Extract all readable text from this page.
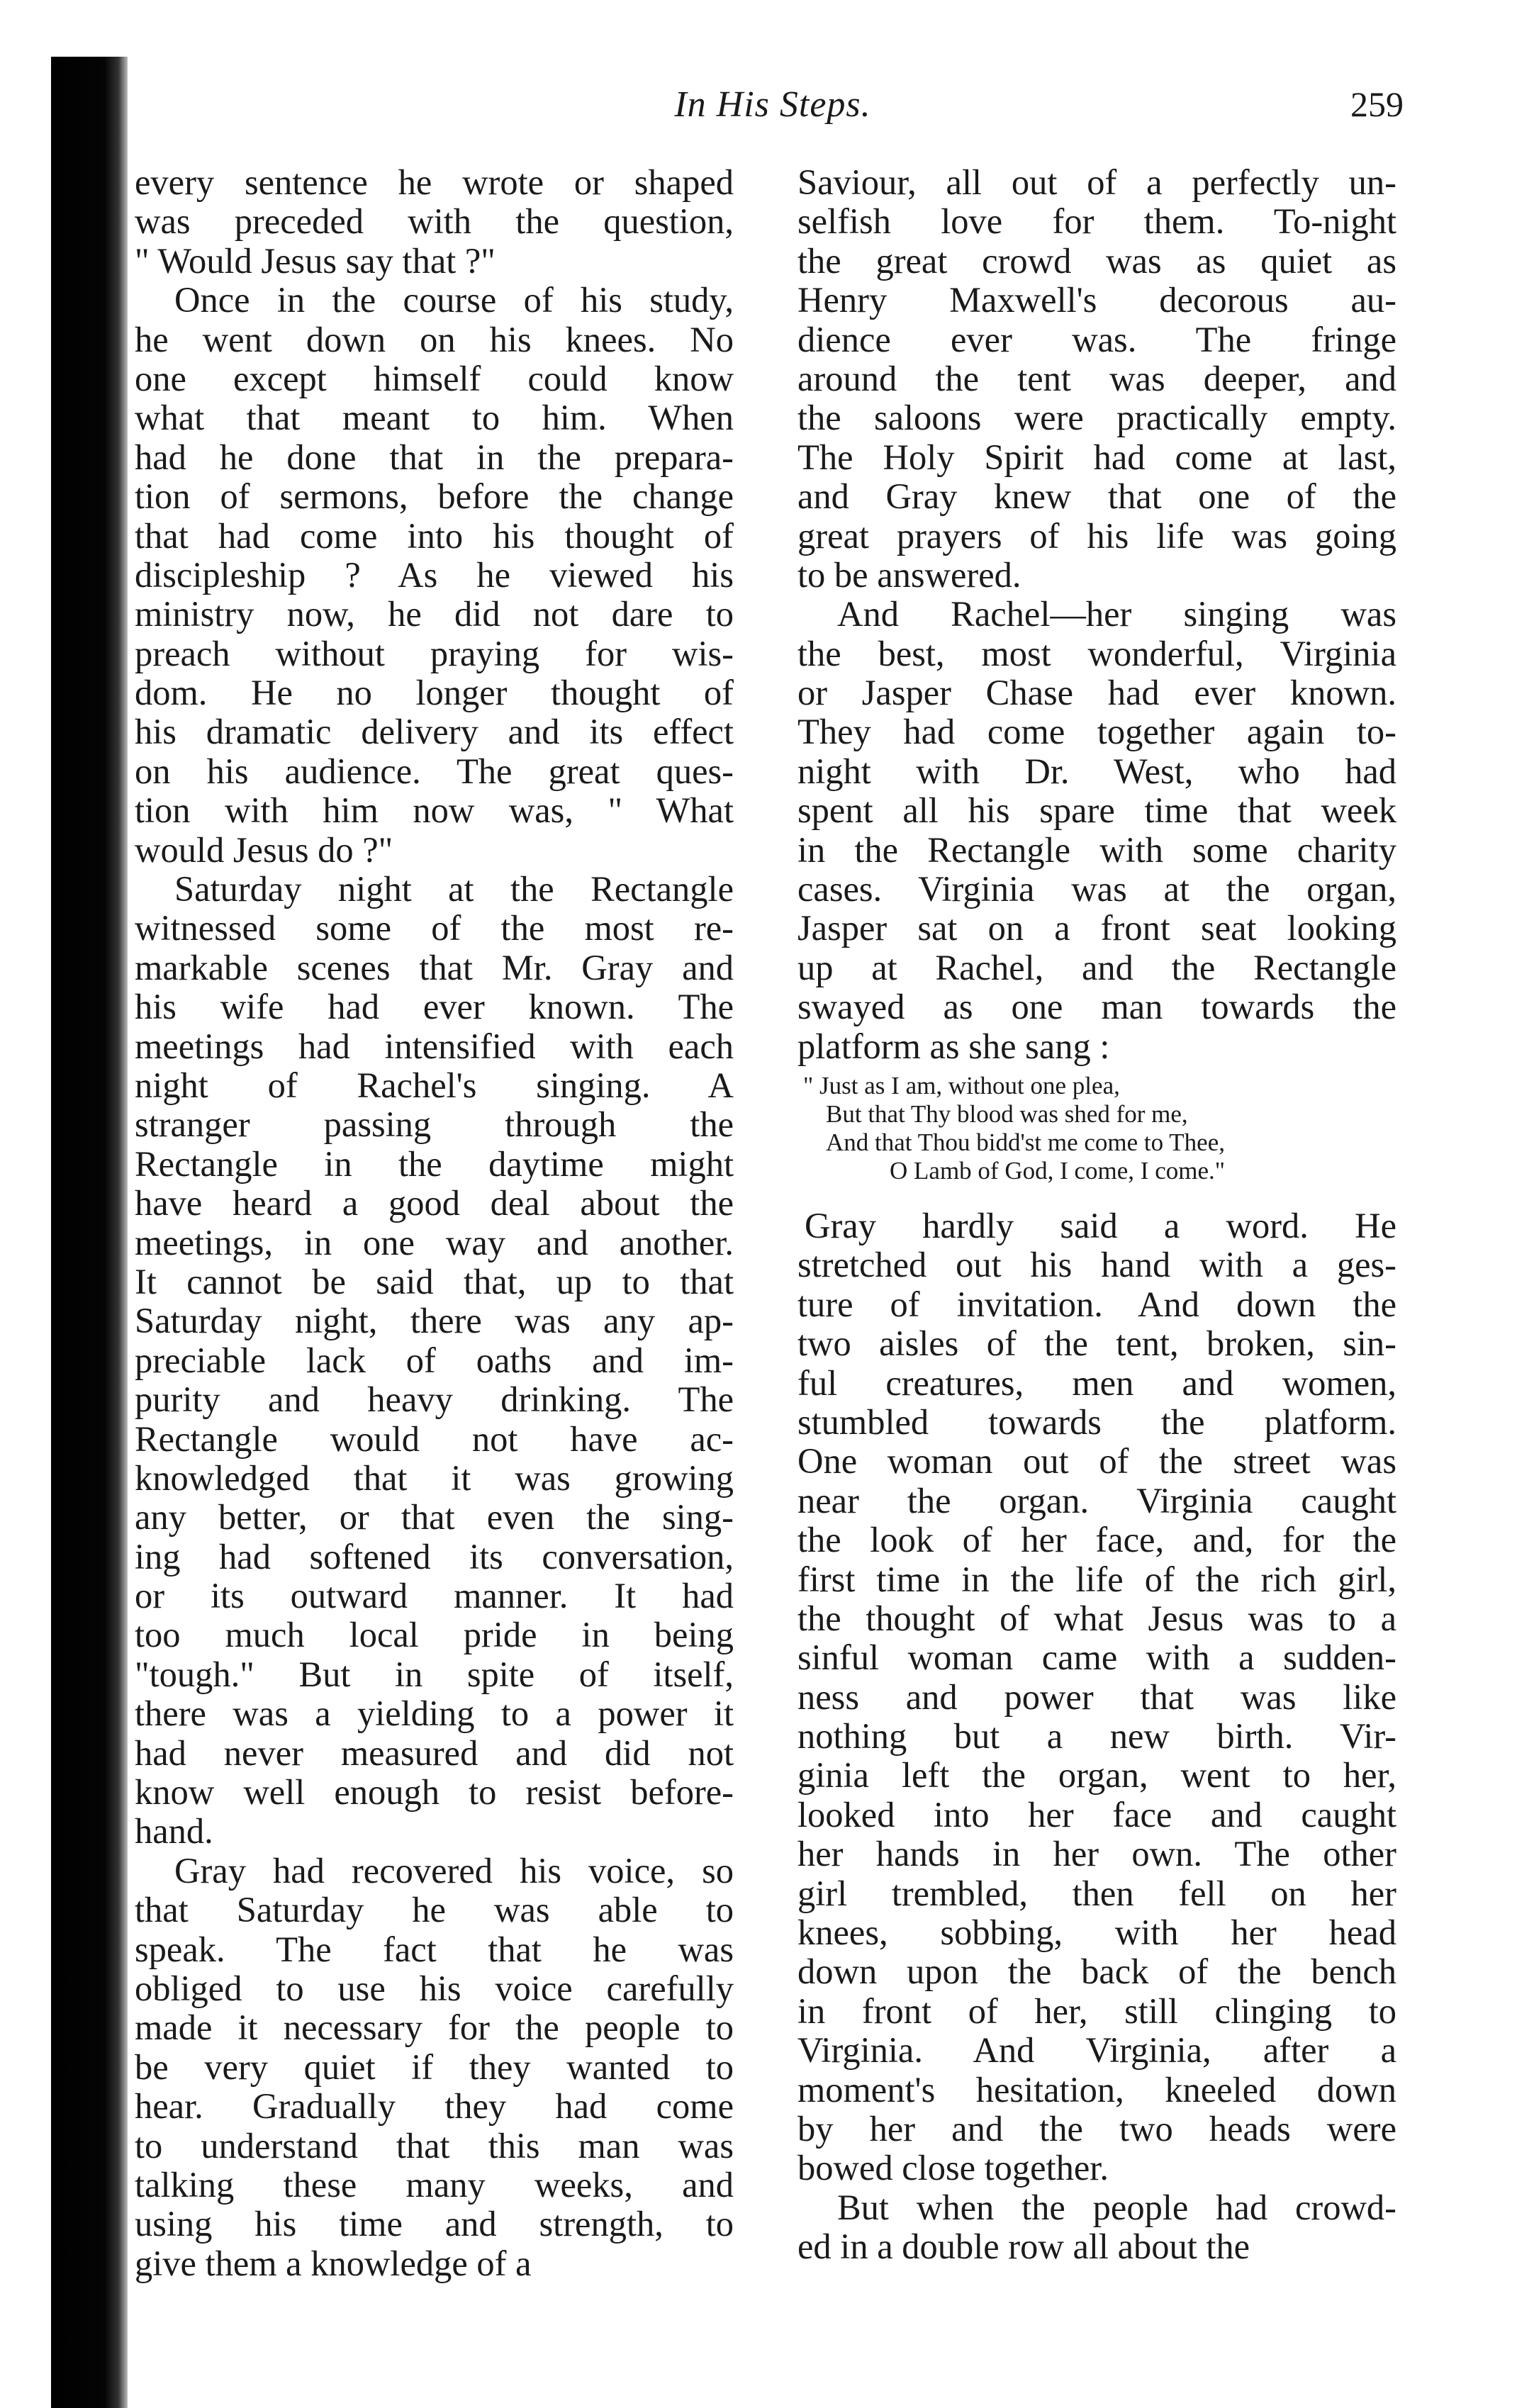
In His Steps.	259
every sentence he wrote or shaped
was preceded with the question,
" Would Jesus say that ?"
Once in the course of his study,
he went down on his knees. No
one except himself could know
what that meant to him. When
had he done that in the prepara-
tion of sermons, before the change
that had come into his thought of
discipleship ? As he viewed his
ministry now, he did not dare to
preach without praying for wis-
dom. He no longer thought of
his dramatic delivery and its effect
on his audience. The great ques-
tion with him now was, " What
would Jesus do ?"
Saturday night at the Rectangle
witnessed some of the most re-
markable scenes that Mr. Gray and
his wife had ever known. The
meetings had intensified with each
night of Rachel's singing. A
stranger passing through the
Rectangle in the daytime might
have heard a good deal about the
meetings, in one way and another.
It cannot be said that, up to that
Saturday night, there was any ap-
preciable lack of oaths and im-
purity and heavy drinking. The
Rectangle would not have ac-
knowledged that it was growing
any better, or that even the sing-
ing had softened its conversation,
or its outward manner. It had
too much local pride in being
"tough." But in spite of itself,
there was a yielding to a power it
had never measured and did not
know well enough to resist before-
hand.
Gray had recovered his voice, so
that Saturday he was able to
speak. The fact that he was
obliged to use his voice carefully
made it necessary for the people to
be very quiet if they wanted to
hear. Gradually they had come
to understand that this man was
talking these many weeks, and
using his time and strength, to
give them a knowledge of a
Saviour, all out of a perfectly un-
selfish love for them. To-night
the great crowd was as quiet as
Henry Maxwell's decorous au-
dience ever was. The fringe
around the tent was deeper, and
the saloons were practically empty.
The Holy Spirit had come at last,
and Gray knew that one of the
great prayers of his life was going
to be answered.
And Rachel—her singing was
the best, most wonderful, Virginia
or Jasper Chase had ever known.
They had come together again to-
night with Dr. West, who had
spent all his spare time that week
in the Rectangle with some charity
cases. Virginia was at the organ,
Jasper sat on a front seat looking
up at Rachel, and the Rectangle
swayed as one man towards the
platform as she sang :
" Just as I am, without one plea,
But that Thy blood was shed for me,
And that Thou bidd'st me come to Thee,
O Lamb of God, I come, I come."
Gray hardly said a word. He
stretched out his hand with a ges-
ture of invitation. And down the
two aisles of the tent, broken, sin-
ful creatures, men and women,
stumbled towards the platform.
One woman out of the street was
near the organ. Virginia caught
the look of her face, and, for the
first time in the life of the rich girl,
the thought of what Jesus was to a
sinful woman came with a sudden-
ness and power that was like
nothing but a new birth. Vir-
ginia left the organ, went to her,
looked into her face and caught
her hands in her own. The other
girl trembled, then fell on her
knees, sobbing, with her head
down upon the back of the bench
in front of her, still clinging to
Virginia. And Virginia, after a
moment's hesitation, kneeled down
by her and the two heads were
bowed close together.
But when the people had crowd-
ed in a double row all about the
